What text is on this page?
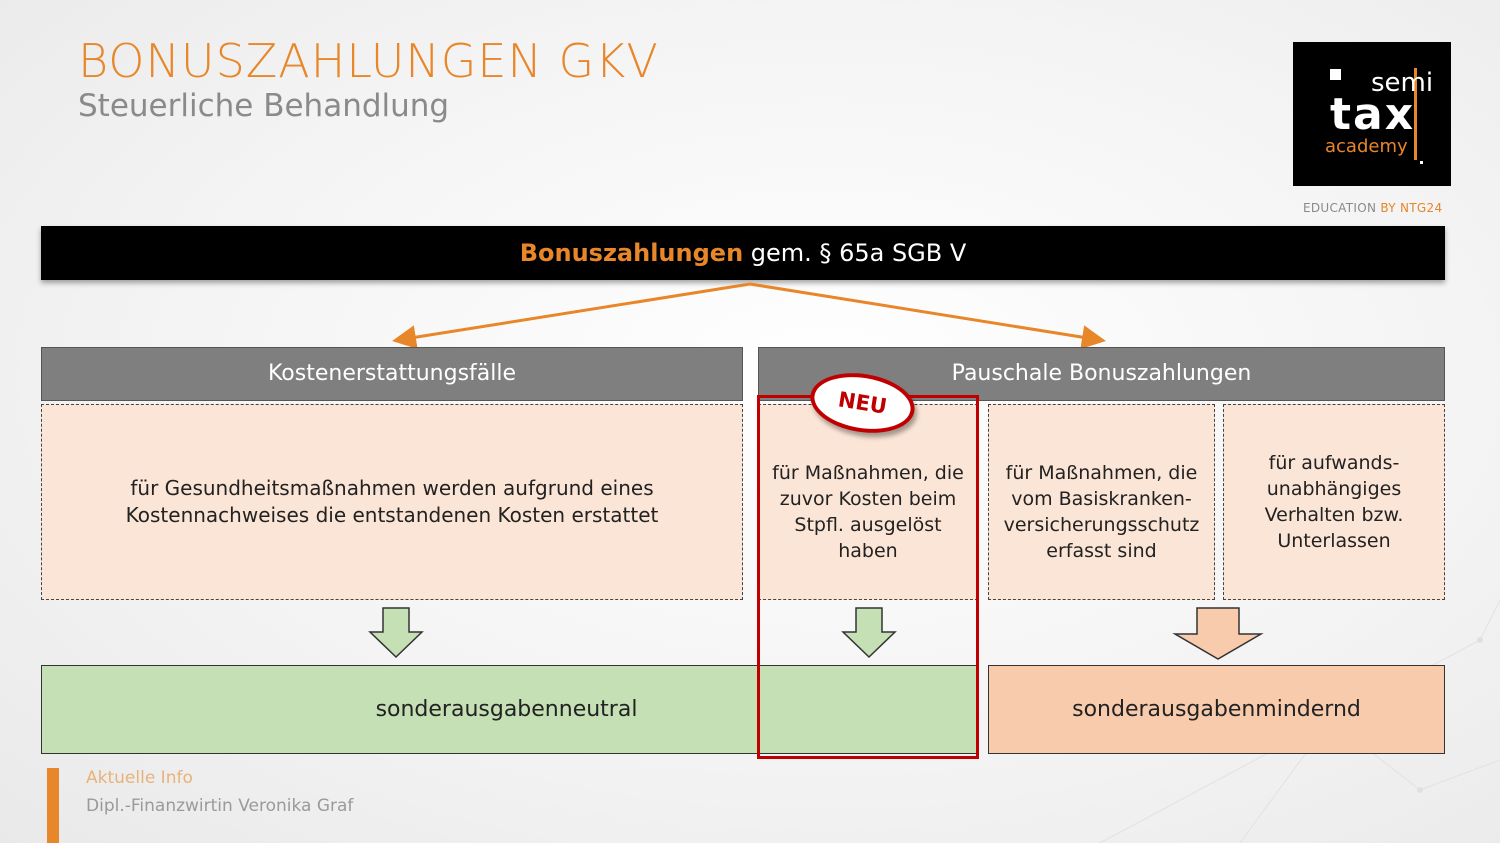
BONUSZAHLUNGEN GKV
Steuerliche Behandlung
semi
tax
academy
EDUCATION BY NTG24
Bonuszahlungen gem. § 65a SGB V
Kostenerstattungsfälle	Pauschale Bonuszahlungen
für Gesundheitsmaßnahmen werden aufgrund eines Kostennachweises die entstandenen Kosten erstattet
für Maßnahmen, die zuvor Kosten beim Stpfl. ausgelöst haben
für Maßnahmen, die vom Basiskranken-versicherungsschutz erfasst sind
für aufwands-unabhängiges Verhalten bzw. Unterlassen
sonderausgabenneutral	sonderausgabenmindernd
NEU
Aktuelle Info
Dipl.-Finanzwirtin Veronika Graf
